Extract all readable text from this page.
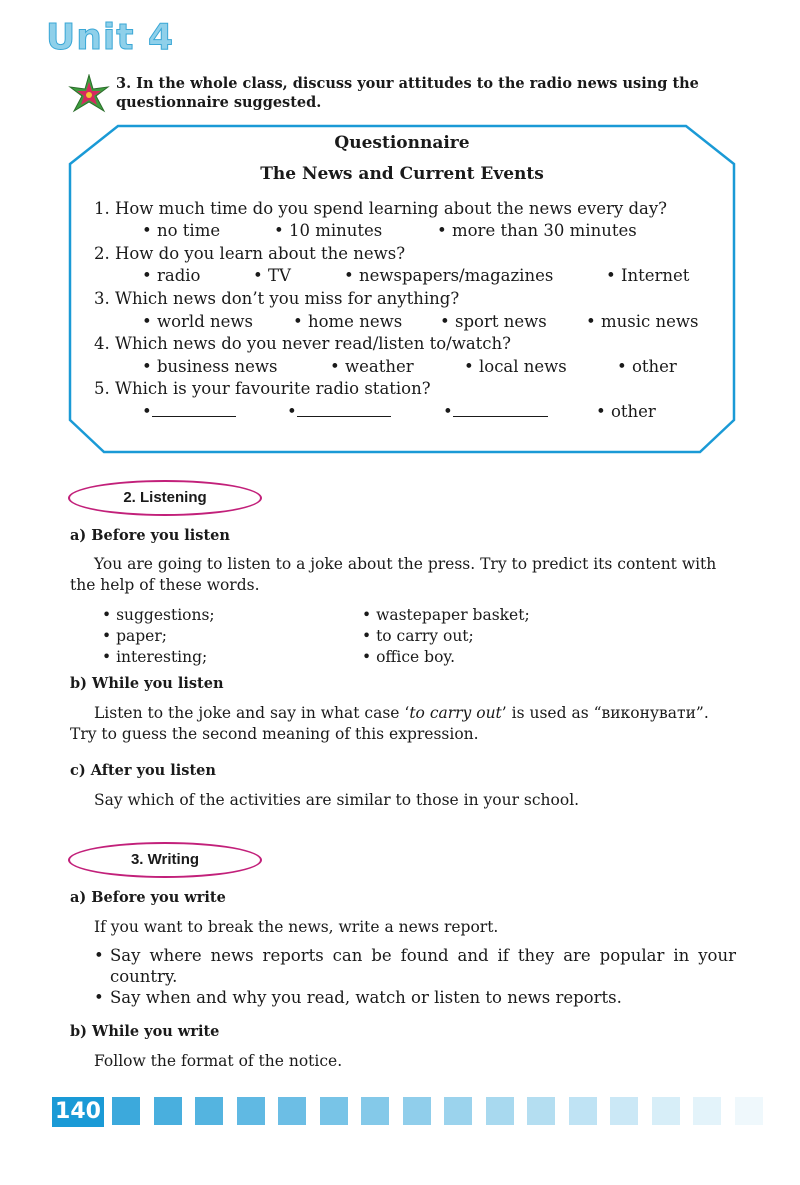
Unit 4
3. In the whole class, discuss your attitudes to the radio news using the questionnaire suggested.
Questionnaire
The News and Current Events
1. How much time do you spend learning about the news every day?
• no time	• 10 minutes	• more than 30 minutes
2. How do you learn about the news?
• radio	• TV	• newspapers/magazines	• Internet
3. Which news don’t you miss for anything?
• world news • home news • sport news • music news
4. Which news do you never read/listen to/watch?
• business news	• weather	• local news	• other
5. Which is your favourite radio station?
•	•	•	• other
2. Listening
a) Before you listen
You are going to listen to a joke about the press. Try to predict its content with the help of these words.
• suggestions;
• paper;
• interesting;
• wastepaper basket;
• to carry out;
• office boy.
b) While you listen
Listen to the joke and say in what case ‘to carry out’ is used as “виконувати”. Try to guess the second meaning of this expression.
c) After you listen
Say which of the activities are similar to those in your school.
3. Writing
a) Before you write
If you want to break the news, write a news report.
• Say where news reports can be found and if they are popular in your country.
• Say when and why you read, watch or listen to news reports.
b) While you write
Follow the format of the notice.
140
